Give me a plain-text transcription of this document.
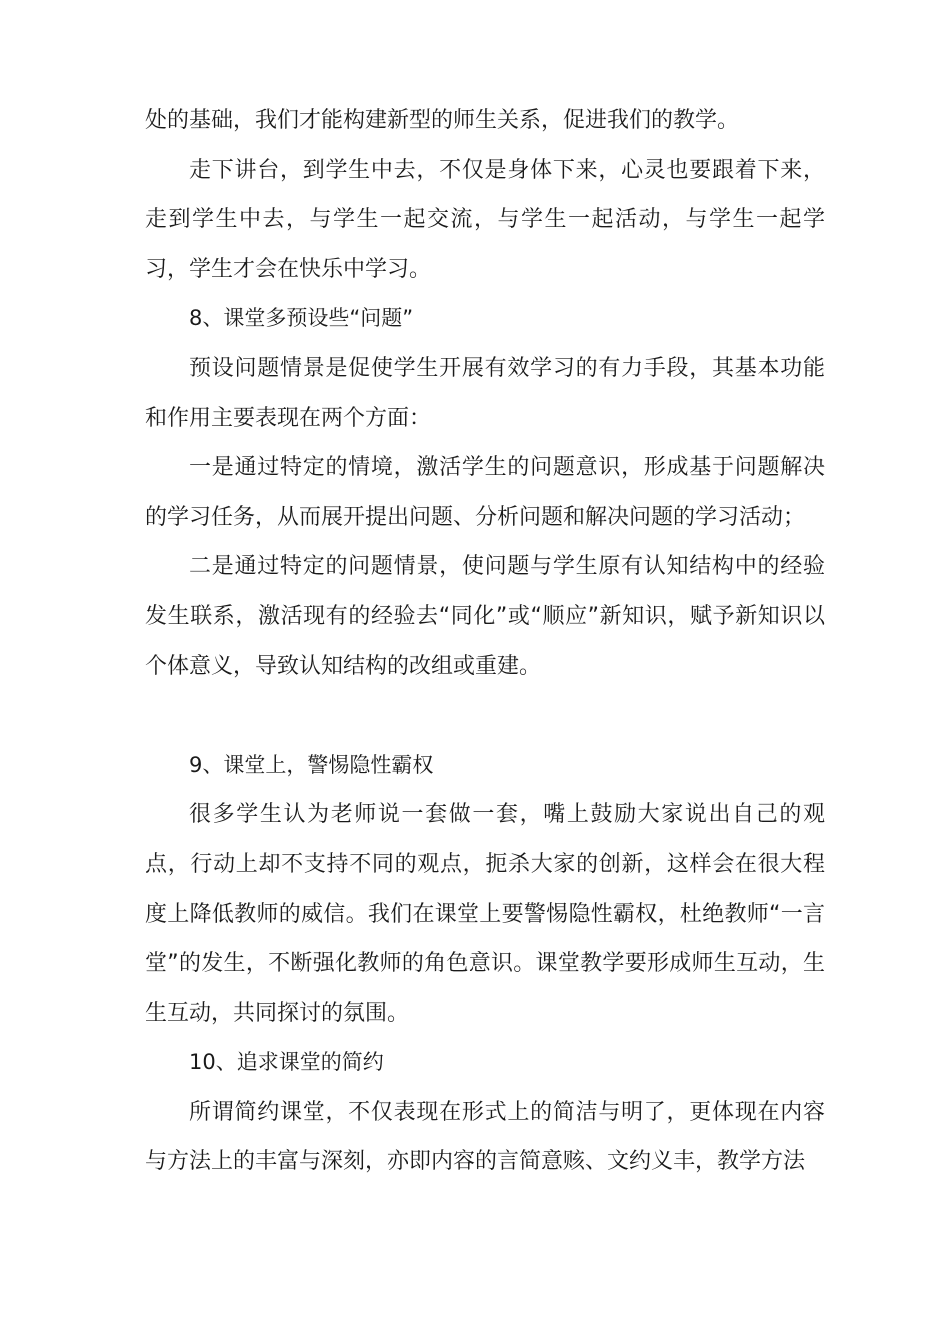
处的基础，我们才能构建新型的师生关系，促进我们的教学。

走下讲台，到学生中去，不仅是身体下来，心灵也要跟着下来，走到学生中去，与学生一起交流，与学生一起活动，与学生一起学习，学生才会在快乐中学习。

8、课堂多预设些“问题”

预设问题情景是促使学生开展有效学习的有力手段，其基本功能和作用主要表现在两个方面：

一是通过特定的情境，激活学生的问题意识，形成基于问题解决的学习任务，从而展开提出问题、分析问题和解决问题的学习活动；

二是通过特定的问题情景，使问题与学生原有认知结构中的经验发生联系，激活现有的经验去“同化”或“顺应”新知识，赋予新知识以个体意义，导致认知结构的改组或重建。

9、课堂上，警惕隐性霸权

很多学生认为老师说一套做一套，嘴上鼓励大家说出自己的观点，行动上却不支持不同的观点，扼杀大家的创新，这样会在很大程度上降低教师的威信。我们在课堂上要警惕隐性霸权，杜绝教师“一言堂”的发生，不断强化教师的角色意识。课堂教学要形成师生互动，生生互动，共同探讨的氛围。

10、追求课堂的简约

所谓简约课堂，不仅表现在形式上的简洁与明了，更体现在内容与方法上的丰富与深刻，亦即内容的言简意赅、文约义丰，教学方法
